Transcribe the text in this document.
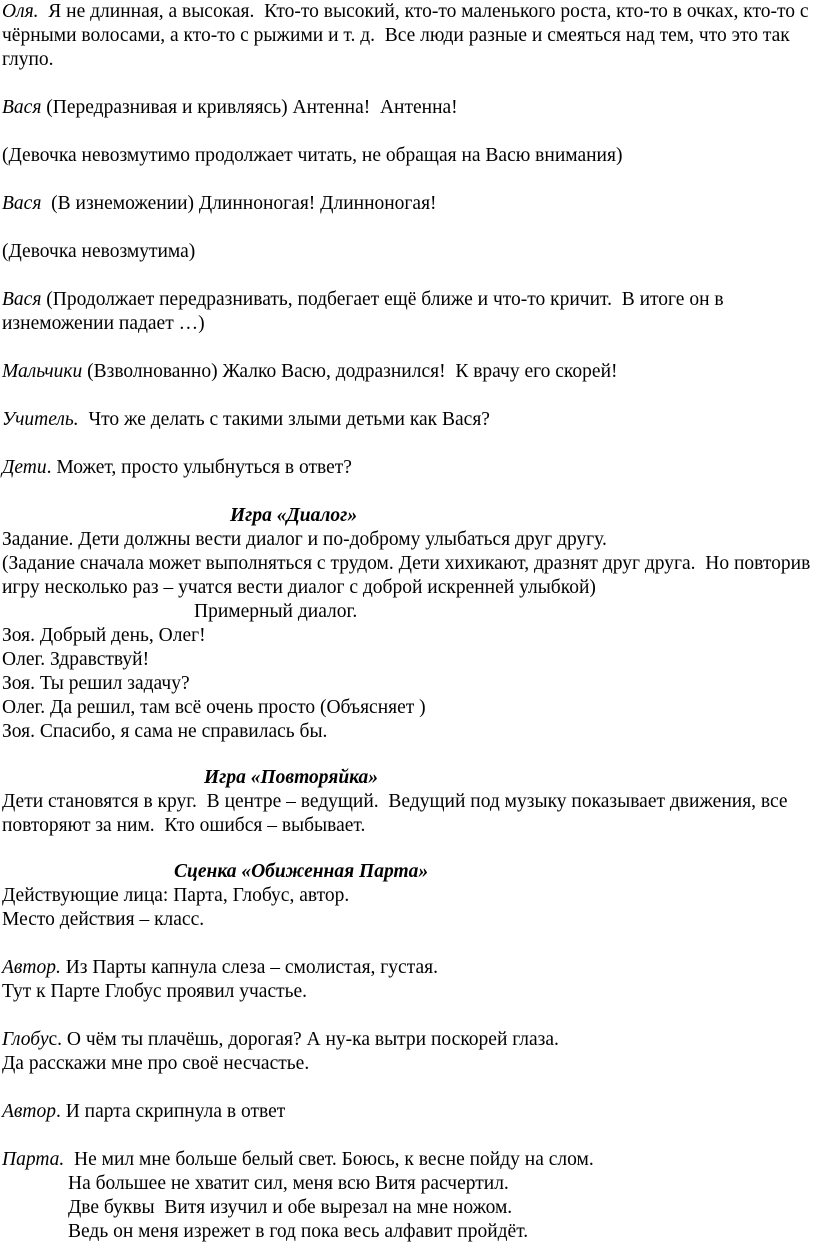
Оля.  Я не длинная, а высокая.  Кто-то высокий, кто-то маленького роста, кто-то в очках, кто-то с чёрными волосами, а кто-то с рыжими и т. д.  Все люди разные и смеяться над тем, что это так глупо.

Вася (Передразнивая и кривляясь) Антенна!  Антенна!

(Девочка невозмутимо продолжает читать, не обращая на Васю внимания)

Вася  (В изнеможении) Длинноногая! Длинноногая!

(Девочка невозмутима)

Вася (Продолжает передразнивать, подбегает ещё ближе и что-то кричит.  В итоге он в изнеможении падает …)

Мальчики (Взволнованно) Жалко Васю, додразнился!  К врачу его скорей!

Учитель.  Что же делать с такими злыми детьми как Вася?

Дети. Может, просто улыбнуться в ответ?

Игра «Диалог»

Задание. Дети должны вести диалог и по-доброму улыбаться друг другу.

(Задание сначала может выполняться с трудом. Дети хихикают, дразнят друг друга.  Но повторив игру несколько раз – учатся вести диалог с доброй искренней улыбкой)

Примерный диалог.

Зоя. Добрый день, Олег!

Олег. Здравствуй!

Зоя. Ты решил задачу?

Олег. Да решил, там всё очень просто (Объясняет )

Зоя. Спасибо, я сама не справилась бы.

Игра «Повторяйка»

Дети становятся в круг.  В центре – ведущий.  Ведущий под музыку показывает движения, все повторяют за ним.  Кто ошибся – выбывает.

Сценка «Обиженная Парта»

Действующие лица: Парта, Глобус, автор.

Место действия – класс.

Автор. Из Парты капнула слеза – смолистая, густая.

Тут к Парте Глобус проявил участье.

Глобус. О чём ты плачёшь, дорогая? А ну-ка вытри поскорей глаза.

Да расскажи мне про своё несчастье.

Автор. И парта скрипнула в ответ

Парта.  Не мил мне больше белый свет. Боюсь, к весне пойду на слом.

На большее не хватит сил, меня всю Витя расчертил.

Две буквы  Витя изучил и обе вырезал на мне ножом.

Ведь он меня изрежет в год пока весь алфавит пройдёт.
